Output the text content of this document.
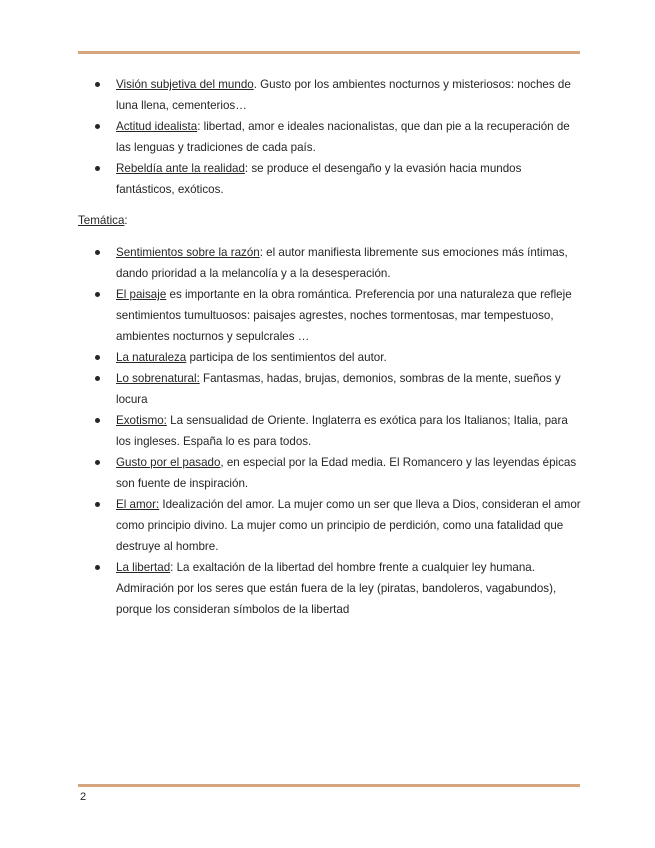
Visión subjetiva del mundo. Gusto por los ambientes nocturnos y misteriosos: noches de luna llena, cementerios…
Actitud idealista: libertad, amor e ideales nacionalistas, que dan pie a la recuperación de las lenguas y tradiciones de cada país.
Rebeldía ante la realidad: se produce el desengaño y la evasión hacia mundos fantásticos, exóticos.
Temática:
Sentimientos sobre la razón: el autor manifiesta libremente sus emociones más íntimas, dando prioridad a la melancolía y a la desesperación.
El paisaje es importante en la obra romántica. Preferencia por una naturaleza que refleje sentimientos tumultuosos: paisajes agrestes, noches tormentosas, mar tempestuoso, ambientes nocturnos y sepulcrales …
La naturaleza participa de los sentimientos del autor.
Lo sobrenatural: Fantasmas, hadas, brujas, demonios, sombras de la mente, sueños y locura
Exotismo: La sensualidad de Oriente. Inglaterra es exótica para los Italianos; Italia, para los ingleses. España lo es para todos.
Gusto por el pasado, en especial por la Edad media. El Romancero y las leyendas épicas son fuente de inspiración.
El amor: Idealización del amor. La mujer como un ser que lleva a Dios, consideran el amor como principio divino. La mujer como un principio de perdición, como una fatalidad que destruye al hombre.
La libertad: La exaltación de la libertad del hombre frente a cualquier ley humana. Admiración por los seres que están fuera de la ley (piratas, bandoleros, vagabundos), porque los consideran símbolos de la libertad
2
